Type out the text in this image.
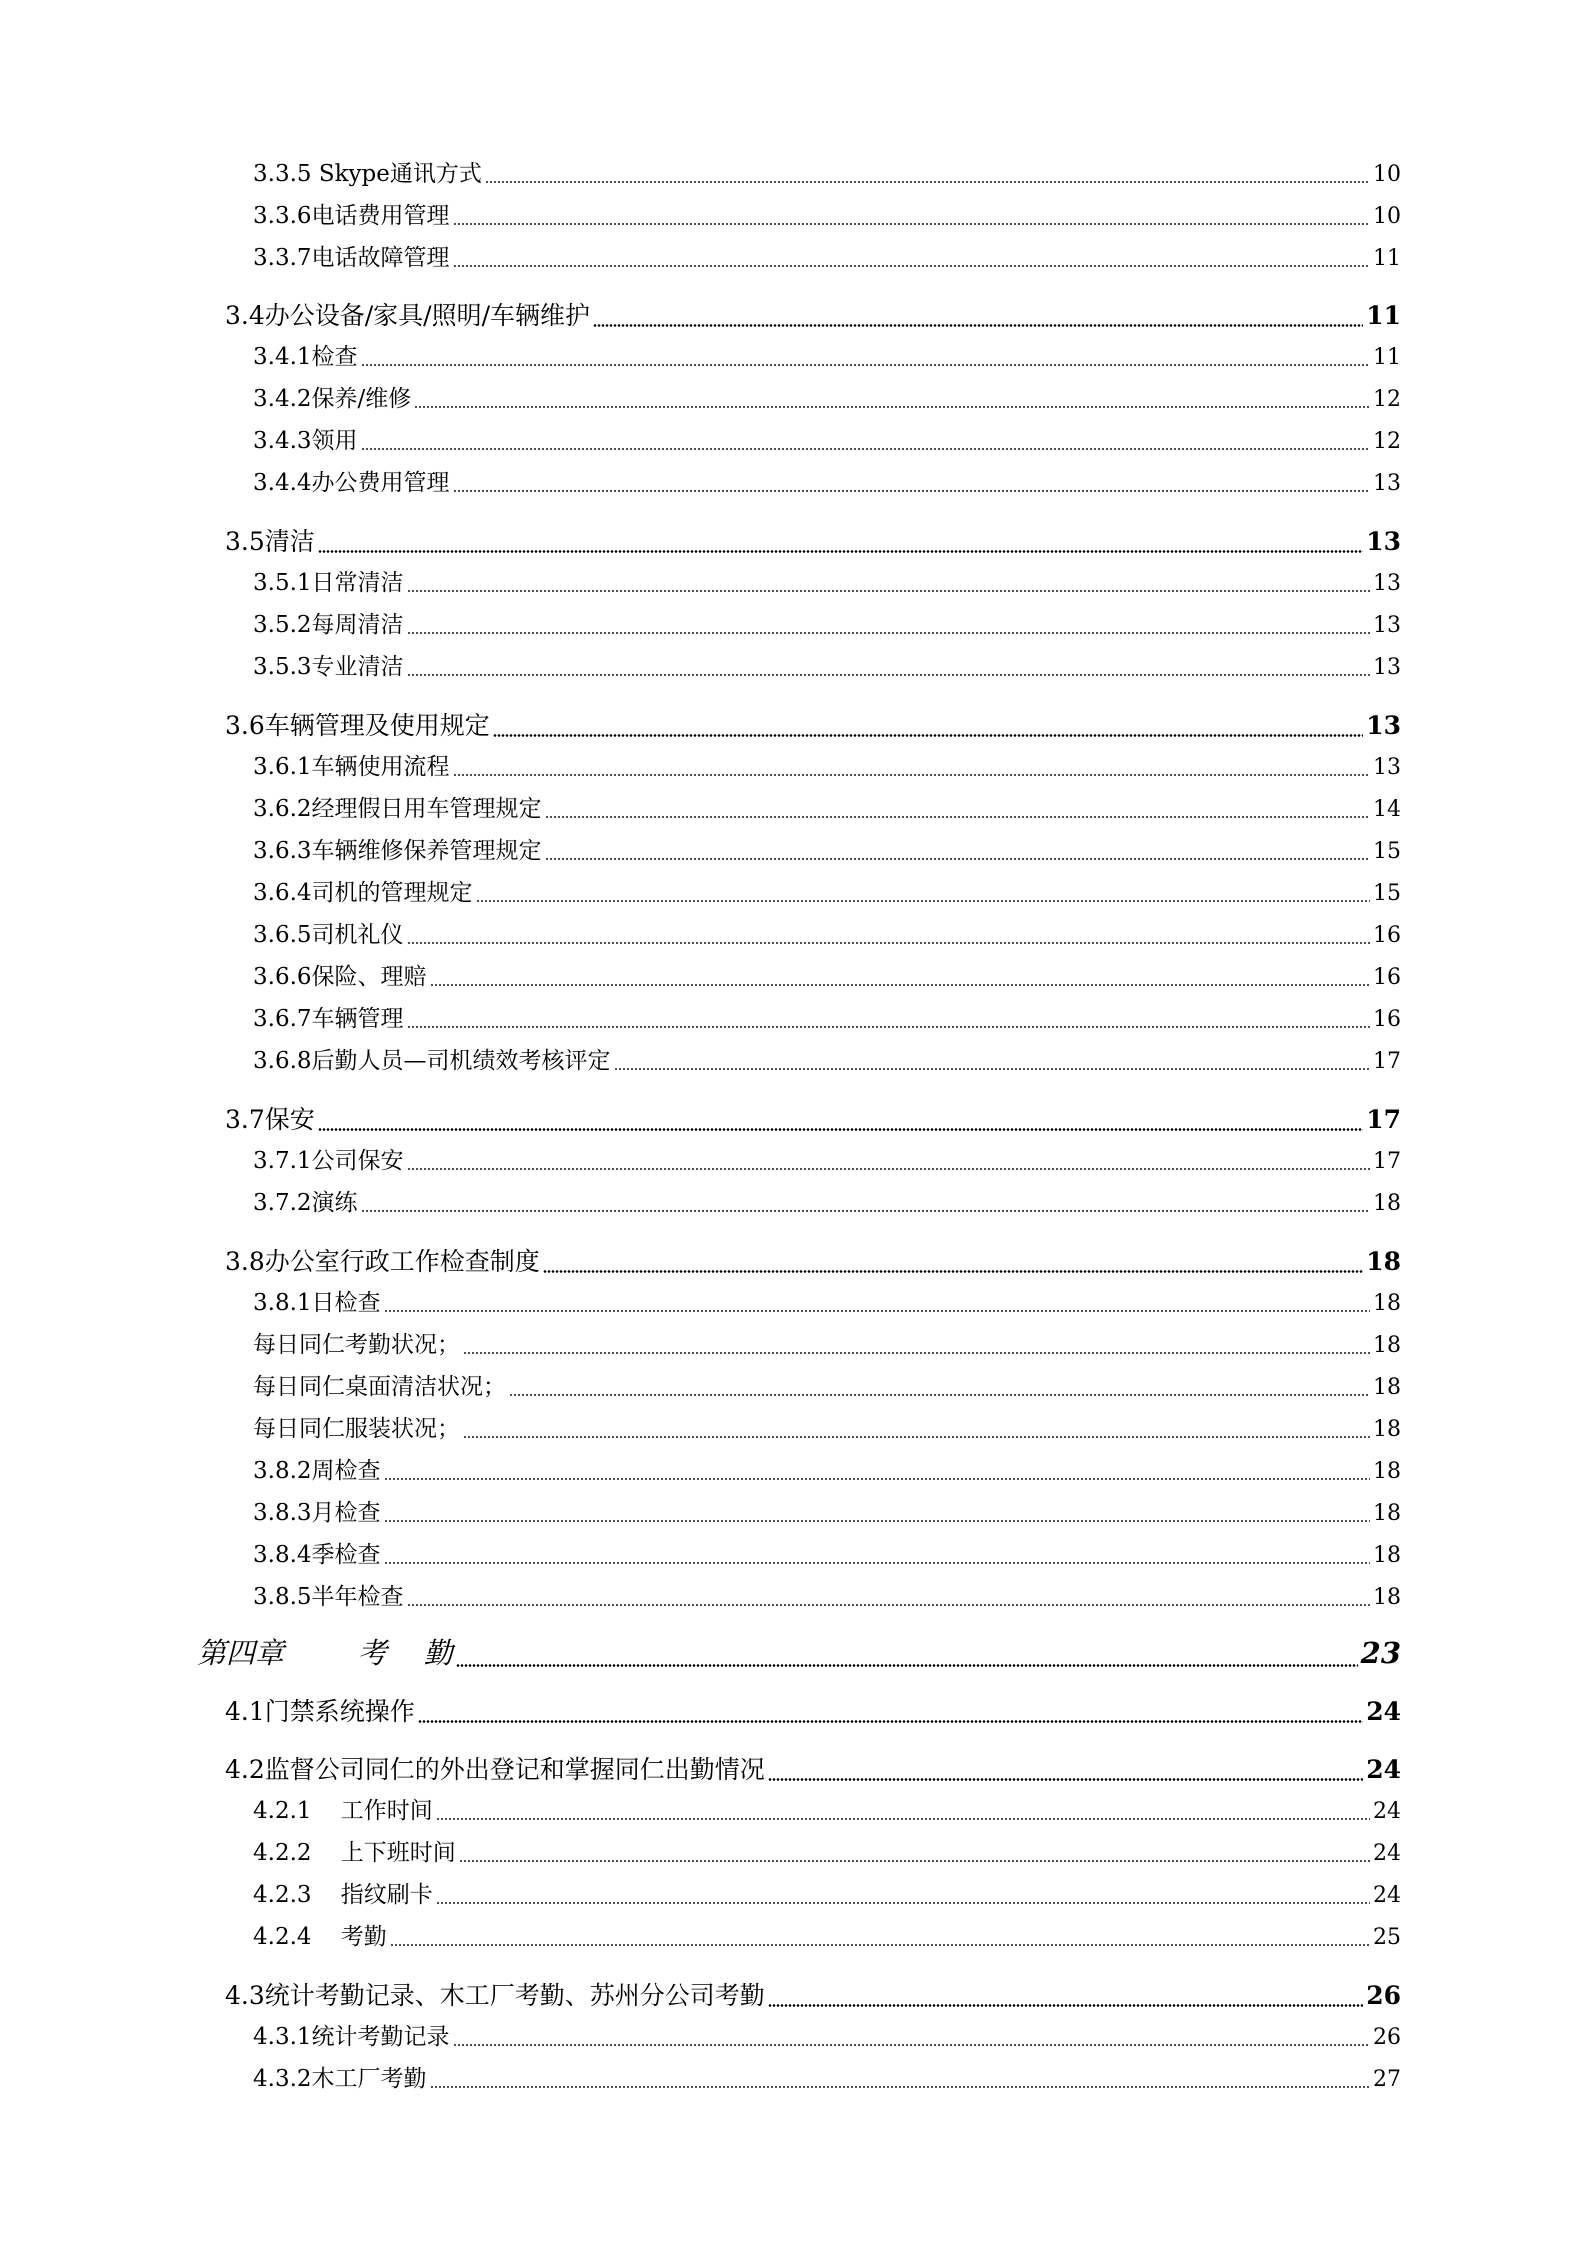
3.3.5 Skype通讯方式	10
3.3.6电话费用管理	10
3.3.7电话故障管理	11
3.4办公设备/家具/照明/车辆维护	11
3.4.1检查	11
3.4.2保养/维修	12
3.4.3领用	12
3.4.4办公费用管理	13
3.5清洁	13
3.5.1日常清洁	13
3.5.2每周清洁	13
3.5.3专业清洁	13
3.6车辆管理及使用规定	13
3.6.1车辆使用流程	13
3.6.2经理假日用车管理规定	14
3.6.3车辆维修保养管理规定	15
3.6.4司机的管理规定	15
3.6.5司机礼仪	16
3.6.6保险、理赔	16
3.6.7车辆管理	16
3.6.8后勤人员—司机绩效考核评定	17
3.7保安	17
3.7.1公司保安	17
3.7.2演练	18
3.8办公室行政工作检查制度	18
3.8.1日检查	18
每日同仁考勤状况；	18
每日同仁桌面清洁状况；	18
每日同仁服装状况；	18
3.8.2周检查	18
3.8.3月检查	18
3.8.4季检查	18
3.8.5半年检查	18
第四章        考    勤	23
4.1门禁系统操作	24
4.2监督公司同仁的外出登记和掌握同仁出勤情况	24
4.2.1    工作时间	24
4.2.2    上下班时间	24
4.2.3    指纹刷卡	24
4.2.4    考勤	25
4.3统计考勤记录、木工厂考勤、苏州分公司考勤	26
4.3.1统计考勤记录	26
4.3.2木工厂考勤	27
